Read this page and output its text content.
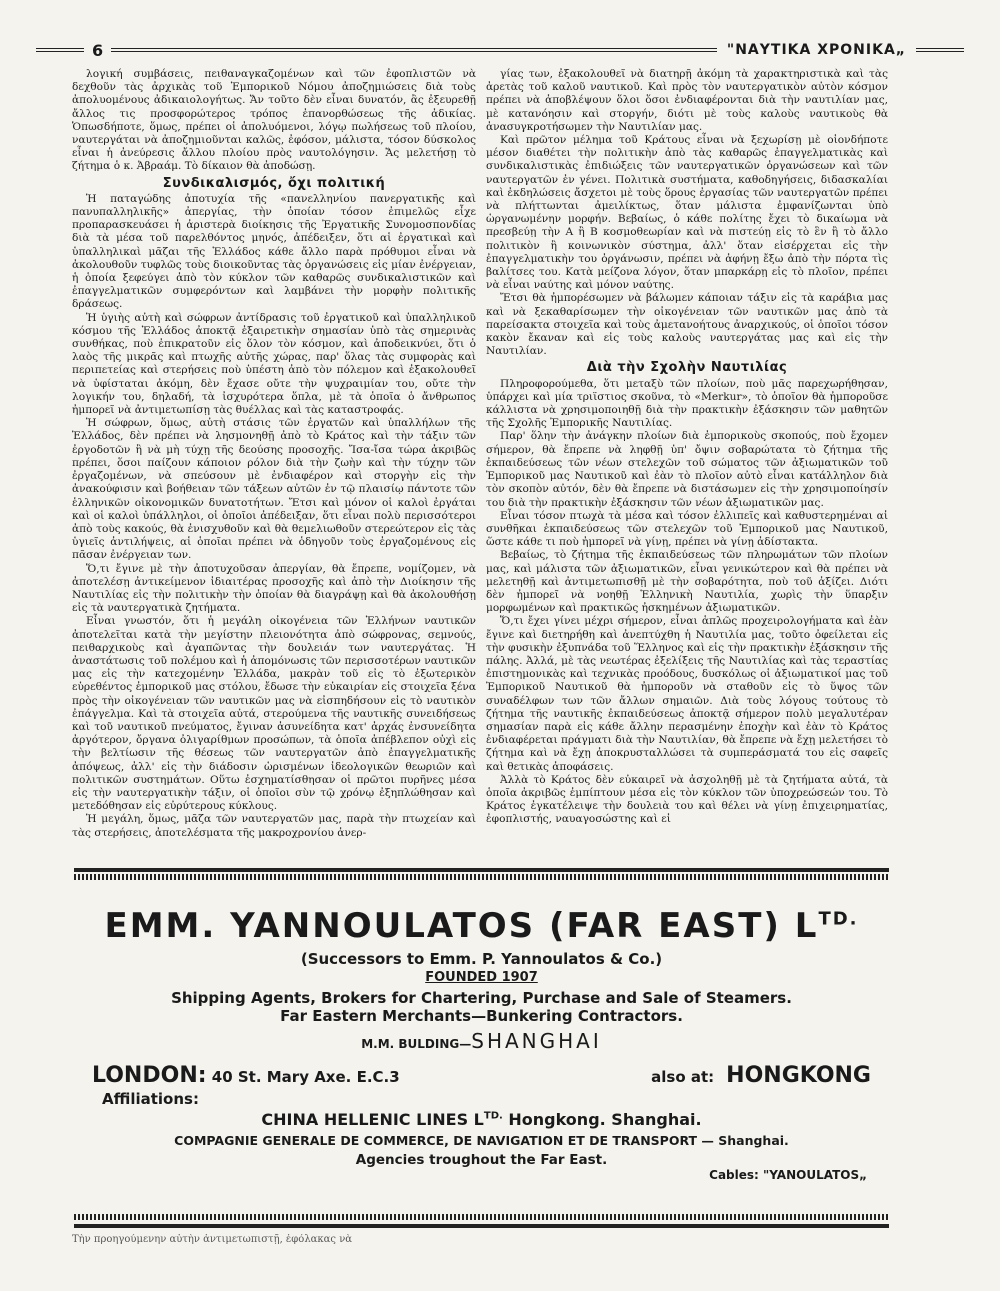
6	"ΝΑΥΤΙΚΑ ΧΡΟΝΙΚΑ„

λογική συμβάσεις, πειθαναγκαζομένων καὶ τῶν ἐφοπλιστῶν νὰ δεχθοῦν τὰς ἀρχικὰς τοῦ Ἐμπορικοῦ Νόμου ἀποζημιώσεις διὰ τοὺς ἀπολυομένους ἀδικαιολογήτως. Ἄν τοῦτο δὲν εἶναι δυνατόν, ἂς ἐξευρεθῇ ἄλλος τις προσφορώτερος τρόπος ἐπανορθώσεως τῆς ἀδικίας. Ὁπωσδήποτε, ὅμως, πρέπει οἱ ἀπολυόμενοι, λόγῳ πωλήσεως τοῦ πλοίου, ναυτεργάται νὰ ἀποζημιοῦνται καλῶς, ἐφόσον, μάλιστα, τόσον δύσκολος εἶναι ἡ ἀνεύρεσις ἄλλου πλοίου πρὸς ναυτολόγησιν. Ἄς μελετήσῃ τὸ ζήτημα ὁ κ. Ἀβραάμ. Τὸ δίκαιον θὰ ἀποδώσῃ.

Συνδικαλισμός, ὄχι πολιτική

Ἡ παταγώδης ἀποτυχία τῆς «πανελληνίου πανεργατικῆς καὶ πανυπαλληλικῆς» ἀπεργίας, τὴν ὁποίαν τόσον ἐπιμελῶς εἶχε προπαρασκευάσει ἡ ἀριστερὰ διοίκησις τῆς Ἐργατικῆς Συνομοσπονδίας διὰ τὰ μέσα τοῦ παρελθόντος μηνός, ἀπέδειξεν, ὅτι αἱ ἐργατικαὶ καὶ ὑπαλληλικαὶ μᾶζαι τῆς Ἑλλάδος κάθε ἄλλο παρὰ πρόθυμοι εἶναι νὰ ἀκολουθοῦν τυφλῶς τοὺς διοικοῦντας τὰς ὀργανώσεις εἰς μίαν ἐνέργειαν, ἡ ὁποία ξεφεύγει ἀπὸ τὸν κύκλον τῶν καθαρῶς συνδικαλιστικῶν καὶ ἐπαγγελματικῶν συμφερόντων καὶ λαμβάνει τὴν μορφὴν πολιτικῆς δράσεως.

Ἡ ὑγιὴς αὐτὴ καὶ σώφρων ἀντίδρασις τοῦ ἐργατικοῦ καὶ ὑπαλληλικοῦ κόσμου τῆς Ἑλλάδος ἀποκτᾷ ἐξαιρετικὴν σημασίαν ὑπὸ τὰς σημερινὰς συνθήκας, ποὺ ἐπικρατοῦν εἰς ὅλον τὸν κόσμον, καὶ ἀποδεικνύει, ὅτι ὁ λαὸς τῆς μικρᾶς καὶ πτωχῆς αὐτῆς χώρας, παρ' ὅλας τὰς συμφορὰς καὶ περιπετείας καὶ στερήσεις ποὺ ὑπέστη ἀπὸ τὸν πόλεμον καὶ ἐξακολουθεῖ νὰ ὑφίσταται ἀκόμη, δὲν ἔχασε οὔτε τὴν ψυχραιμίαν του, οὔτε τὴν λογικήν του, δηλαδή, τὰ ἰσχυρότερα ὅπλα, μὲ τὰ ὁποῖα ὁ ἄνθρωπος ἠμπορεῖ νὰ ἀντιμετωπίσῃ τὰς θυέλλας καὶ τὰς καταστροφάς.

Ἡ σώφρων, ὅμως, αὐτὴ στάσις τῶν ἐργατῶν καὶ ὑπαλλήλων τῆς Ἑλλάδος, δὲν πρέπει νὰ λησμονηθῇ ἀπὸ τὸ Κράτος καὶ τὴν τάξιν τῶν ἐργοδοτῶν ἢ νὰ μὴ τύχῃ τῆς δεούσης προσοχῆς. Ἴσα-ἴσα τώρα ἀκριβῶς πρέπει, ὅσοι παίζουν κάποιον ρόλον διὰ τὴν ζωὴν καὶ τὴν τύχην τῶν ἐργαζομένων, νὰ σπεύσουν μὲ ἐνδιαφέρον καὶ στοργὴν εἰς τὴν ἀνακούφισιν καὶ βοήθειαν τῶν τάξεων αὐτῶν ἐν τῷ πλαισίῳ πάντοτε τῶν ἑλληνικῶν οἰκονομικῶν δυνατοτήτων. Ἔτσι καὶ μόνον οἱ καλοὶ ἐργάται καὶ οἱ καλοὶ ὑπάλληλοι, οἱ ὁποῖοι ἀπέδειξαν, ὅτι εἶναι πολὺ περισσότεροι ἀπὸ τοὺς κακούς, θὰ ἐνισχυθοῦν καὶ θὰ θεμελιωθοῦν στερεώτερον εἰς τὰς ὑγιεῖς ἀντιλήψεις, αἱ ὁποῖαι πρέπει νὰ ὁδηγοῦν τοὺς ἐργαζομένους εἰς πᾶσαν ἐνέργειαν των.

Ὅ,τι ἔγινε μὲ τὴν ἀποτυχοῦσαν ἀπεργίαν, θὰ ἔπρεπε, νομίζομεν, νὰ ἀποτελέσῃ ἀντικείμενον ἰδιαιτέρας προσοχῆς καὶ ἀπὸ τὴν Διοίκησιν τῆς Ναυτιλίας εἰς τὴν πολιτικὴν τὴν ὁποίαν θὰ διαγράψῃ καὶ θὰ ἀκολουθήσῃ εἰς τὰ ναυτεργατικὰ ζητήματα.

Εἶναι γνωστόν, ὅτι ἡ μεγάλη οἰκογένεια τῶν Ἑλλήνων ναυτικῶν ἀποτελεῖται κατὰ τὴν μεγίστην πλειονότητα ἀπὸ σώφρονας, σεμνούς, πειθαρχικοὺς καὶ ἀγαπῶντας τὴν δουλειάν των ναυτεργάτας. Ἡ ἀναστάτωσις τοῦ πολέμου καὶ ἡ ἀπομόνωσις τῶν περισσοτέρων ναυτικῶν μας εἰς τὴν κατεχομένην Ἑλλάδα, μακρὰν τοῦ εἰς τὸ ἐξωτερικὸν εὑρεθέντος ἐμπορικοῦ μας στόλου, ἔδωσε τὴν εὐκαιρίαν εἰς στοιχεῖα ξένα πρὸς τὴν οἰκογένειαν τῶν ναυτικῶν μας νὰ εἰσπηδήσουν εἰς τὸ ναυτικὸν ἐπάγγελμα. Καὶ τὰ στοιχεῖα αὐτά, στερούμενα τῆς ναυτικῆς συνειδήσεως καὶ τοῦ ναυτικοῦ πνεύματος, ἔγιναν ἀσυνείδητα κατ' ἀρχάς ἐνσυνείδητα ἀργότερον, ὄργανα ὀλιγαρίθμων προσώπων, τὰ ὁποῖα ἀπέβλεπον οὐχὶ εἰς τὴν βελτίωσιν τῆς θέσεως τῶν ναυτεργατῶν ἀπὸ ἐπαγγελματικῆς ἀπόψεως, ἀλλ' εἰς τὴν διάδοσιν ὡρισμένων ἰδεολογικῶν θεωριῶν καὶ πολιτικῶν συστημάτων. Οὕτω ἐσχηματίσθησαν οἱ πρῶτοι πυρῆνες μέσα εἰς τὴν ναυτεργατικὴν τάξιν, οἱ ὁποῖοι σὺν τῷ χρόνῳ ἐξηπλώθησαν καὶ μετεδόθησαν εἰς εὐρύτερους κύκλους.

Ἡ μεγάλη, ὅμως, μᾶζα τῶν ναυτεργατῶν μας, παρὰ τὴν πτωχείαν καὶ τὰς στερήσεις, ἀποτελέσματα τῆς μακροχρονίου ἀνερ-

γίας των, ἐξακολουθεῖ νὰ διατηρῇ ἀκόμη τὰ χαρακτηριστικὰ καὶ τὰς ἀρετὰς τοῦ καλοῦ ναυτικοῦ. Καὶ πρὸς τὸν ναυτεργατικὸν αὐτὸν κόσμον πρέπει νὰ ἀποβλέψουν ὅλοι ὅσοι ἐνδιαφέρονται διὰ τὴν ναυτιλίαν μας, μὲ κατανόησιν καὶ στοργήν, διότι μὲ τοὺς καλοὺς ναυτικοὺς θὰ ἀνασυγκροτήσωμεν τὴν Ναυτιλίαν μας.

Καὶ πρῶτον μέλημα τοῦ Κράτους εἶναι νὰ ξεχωρίσῃ μὲ οἱονδήποτε μέσον διαθέτει τὴν πολιτικὴν ἀπὸ τὰς καθαρῶς ἐπαγγελματικὰς καὶ συνδικαλιστικὰς ἐπιδιώξεις τῶν ναυτεργατικῶν ὀργανώσεων καὶ τῶν ναυτεργατῶν ἐν γένει. Πολιτικὰ συστήματα, καθοδηγήσεις, διδασκαλίαι καὶ ἐκδηλώσεις ἄσχετοι μὲ τοὺς ὅρους ἐργασίας τῶν ναυτεργατῶν πρέπει νὰ πλήττωνται ἀμειλίκτως, ὅταν μάλιστα ἐμφανίζωνται ὑπὸ ὡργανωμένην μορφήν. Βεβαίως, ὁ κάθε πολίτης ἔχει τὸ δικαίωμα νὰ πρεσβεύῃ τὴν Α ἢ Β κοσμοθεωρίαν καὶ νὰ πιστεύῃ εἰς τὸ ἓν ἢ τὸ ἄλλο πολιτικὸν ἢ κοινωνικὸν σύστημα, ἀλλ' ὅταν εἰσέρχεται εἰς τὴν ἐπαγγελματικὴν του ὀργάνωσιν, πρέπει νὰ ἀφήνῃ ἔξω ἀπὸ τὴν πόρτα τὶς βαλίτσες του. Κατὰ μείζονα λόγον, ὅταν μπαρκάρῃ εἰς τὸ πλοῖον, πρέπει νὰ εἶναι ναύτης καὶ μόνον ναύτης.

Ἔτσι θὰ ἠμπορέσωμεν νὰ βάλωμεν κάποιαν τάξιν εἰς τὰ καράβια μας καὶ νὰ ξεκαθαρίσωμεν τὴν οἰκογένειαν τῶν ναυτικῶν μας ἀπὸ τὰ παρείσακτα στοιχεῖα καὶ τοὺς ἀμετανοήτους ἀναρχικούς, οἱ ὁποῖοι τόσον κακὸν ἔκαναν καὶ εἰς τοὺς καλοὺς ναυτεργάτας μας καὶ εἰς τὴν Ναυτιλίαν.

Διὰ τὴν Σχολὴν Ναυτιλίας

Πληροφορούμεθα, ὅτι μεταξὺ τῶν πλοίων, ποὺ μᾶς παρεχωρήθησαν, ὑπάρχει καὶ μία τριϊστιος σκοῦνα, τὸ «Merkur», τὸ ὁποῖον θὰ ἠμποροῦσε κάλλιστα νὰ χρησιμοποιηθῇ διὰ τὴν πρακτικὴν ἐξάσκησιν τῶν μαθητῶν τῆς Σχολῆς Ἐμπορικῆς Ναυτιλίας.

Παρ' ὅλην τὴν ἀνάγκην πλοίων διὰ ἐμπορικοὺς σκοπούς, ποὺ ἔχομεν σήμερον, θὰ ἔπρεπε νὰ ληφθῇ ὑπ' ὄψιν σοβαρώτατα τὸ ζήτημα τῆς ἐκπαιδεύσεως τῶν νέων στελεχῶν τοῦ σώματος τῶν ἀξιωματικῶν τοῦ Ἐμπορικοῦ μας Ναυτικοῦ καὶ ἐὰν τὸ πλοῖον αὐτὸ εἶναι κατάλληλον διὰ τὸν σκοπὸν αὐτόν, δὲν θὰ ἔπρεπε νὰ διστάσωμεν εἰς τὴν χρησιμοποίησίν του διὰ τὴν πρακτικὴν ἐξάσκησιν τῶν νέων ἀξιωματικῶν μας.

Εἶναι τόσον πτωχὰ τὰ μέσα καὶ τόσον ἐλλιπεῖς καὶ καθυστερημέναι αἱ συνθῆκαι ἐκπαιδεύσεως τῶν στελεχῶν τοῦ Ἐμπορικοῦ μας Ναυτικοῦ, ὥστε κάθε τι ποὺ ἠμπορεῖ νὰ γίνῃ, πρέπει νὰ γίνῃ ἀδίστακτα.

Βεβαίως, τὸ ζήτημα τῆς ἐκπαιδεύσεως τῶν πληρωμάτων τῶν πλοίων μας, καὶ μάλιστα τῶν ἀξιωματικῶν, εἶναι γενικώτερον καὶ θὰ πρέπει νὰ μελετηθῇ καὶ ἀντιμετωπισθῇ μὲ τὴν σοβαρότητα, ποὺ τοῦ ἀξίζει. Διότι δὲν ἠμπορεῖ νὰ νοηθῇ Ἑλληνικὴ Ναυτιλία, χωρὶς τὴν ὕπαρξιν μορφωμένων καὶ πρακτικῶς ἠσκημένων ἀξιωματικῶν.

Ὅ,τι ἔχει γίνει μέχρι σήμερον, εἶναι ἁπλῶς προχειρολογήματα καὶ ἐὰν ἔγινε καὶ διετηρήθη καὶ ἀνεπτύχθη ἡ Ναυτιλία μας, τοῦτο ὀφείλεται εἰς τὴν φυσικὴν ἐξυπνάδα τοῦ Ἕλληνος καὶ εἰς τὴν πρακτικὴν ἐξάσκησιν τῆς πάλης. Ἀλλά, μὲ τὰς νεωτέρας ἐξελίξεις τῆς Ναυτιλίας καὶ τὰς τεραστίας ἐπιστημονικὰς καὶ τεχνικὰς προόδους, δυσκόλως οἱ ἀξιωματικοί μας τοῦ Ἐμπορικοῦ Ναυτικοῦ θὰ ἠμποροῦν νὰ σταθοῦν εἰς τὸ ὕψος τῶν συναδέλφων των τῶν ἄλλων σημαιῶν. Διὰ τοὺς λόγους τούτους τὸ ζήτημα τῆς ναυτικῆς ἐκπαιδεύσεως ἀποκτᾷ σήμερον πολὺ μεγαλυτέραν σημασίαν παρὰ εἰς κάθε ἄλλην περασμένην ἐποχὴν καὶ ἐὰν τὸ Κράτος ἐνδιαφέρεται πράγματι διὰ τὴν Ναυτιλίαν, θὰ ἔπρεπε νὰ ἔχῃ μελετήσει τὸ ζήτημα καὶ νὰ ἔχῃ ἀποκρυσταλλώσει τὰ συμπεράσματά του εἰς σαφεῖς καὶ θετικὰς ἀποφάσεις.

Ἀλλὰ τὸ Κράτος δὲν εὐκαιρεῖ νὰ ἀσχοληθῇ μὲ τὰ ζητήματα αὐτά, τὰ ὁποῖα ἀκριβῶς ἐμπίπτουν μέσα εἰς τὸν κύκλον τῶν ὑποχρεώσεών του. Τὸ Κράτος ἐγκατέλειψε τὴν δουλειὰ του καὶ θέλει νὰ γίνῃ ἐπιχειρηματίας, ἐφοπλιστής, ναυαγοσώστης καὶ εἰ

EMM. YANNOULATOS (FAR EAST) $L^{TD.}$
(Successors to Emm. P. Yannoulatos & Co.)
FOUNDED 1907
Shipping Agents, Brokers for Chartering, Purchase and Sale of Steamers.
Far Eastern Merchants—Bunkering Contractors.
M.M. BULDING—SHANGHAI
LONDON: 40 St. Mary Axe. E.C.3	also at: HONGKONG
Affiliations:
CHINA HELLENIC LINES $L^{TD.}$ Hongkong. Shanghai.
COMPAGNIE GENERALE DE COMMERCE, DE NAVIGATION ET DE TRANSPORT — Shanghai.
Agencies troughout the Far East.
Cables: "YANOULATOS„
Τὴν προηγούμενην αὐτὴν ἀντιμετωπιστῇ, ἐφόλακας νὰ
